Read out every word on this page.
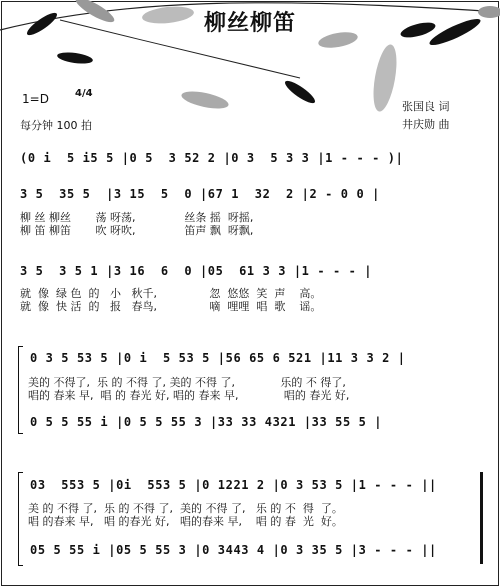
柳丝柳笛
1=D	4/4
每分钟 100 拍
张国良 词
井庆勋 曲
(0 i  5 i5 5 |0 5  3 52 2 |0 3  5 3 3 |1 - - - )|
3 5  35 5  |3 15  5  0 |67 1  32  2 |2 - 0 0 |
柳 丝 柳丝       荡 呀荡,              丝条 摇  呀摇,
柳 笛 柳笛       吹 呀吹,              笛声 飘  呀飘,
3 5  3 5 1 |3 16  6  0 |05  61 3 3 |1 - - - |
就  像  绿 色  的   小   秋千,               忽  悠悠  笑  声    高。
就  像  快 活  的   报   春鸟,               嘀  哩哩  唱  歌    谣。
0 3 5 53 5 |0 i  5 53 5 |56 65 6 521 |11 3 3 2 |
美的 不得了,  乐 的 不得 了, 美的 不得 了,             乐的 不 得了,
唱的 春来 早,  唱 的 春光 好, 唱的 春来 早,             唱的 春光 好,
0 5 5 55 i |0 5 5 55 3 |33 33 4321 |33 55 5 |
03  553 5 |0i  553 5 |0 1221 2 |0 3 53 5 |1 - - - ||
美 的 不得 了,  乐 的 不得 了,  美的 不得 了,   乐 的 不  得  了。
唱 的春来 早,   唱 的春光 好,   唱的春来 早,    唱 的 春  光  好。
05 5 55 i |05 5 55 3 |0 3443 4 |0 3 35 5 |3 - - - ||
